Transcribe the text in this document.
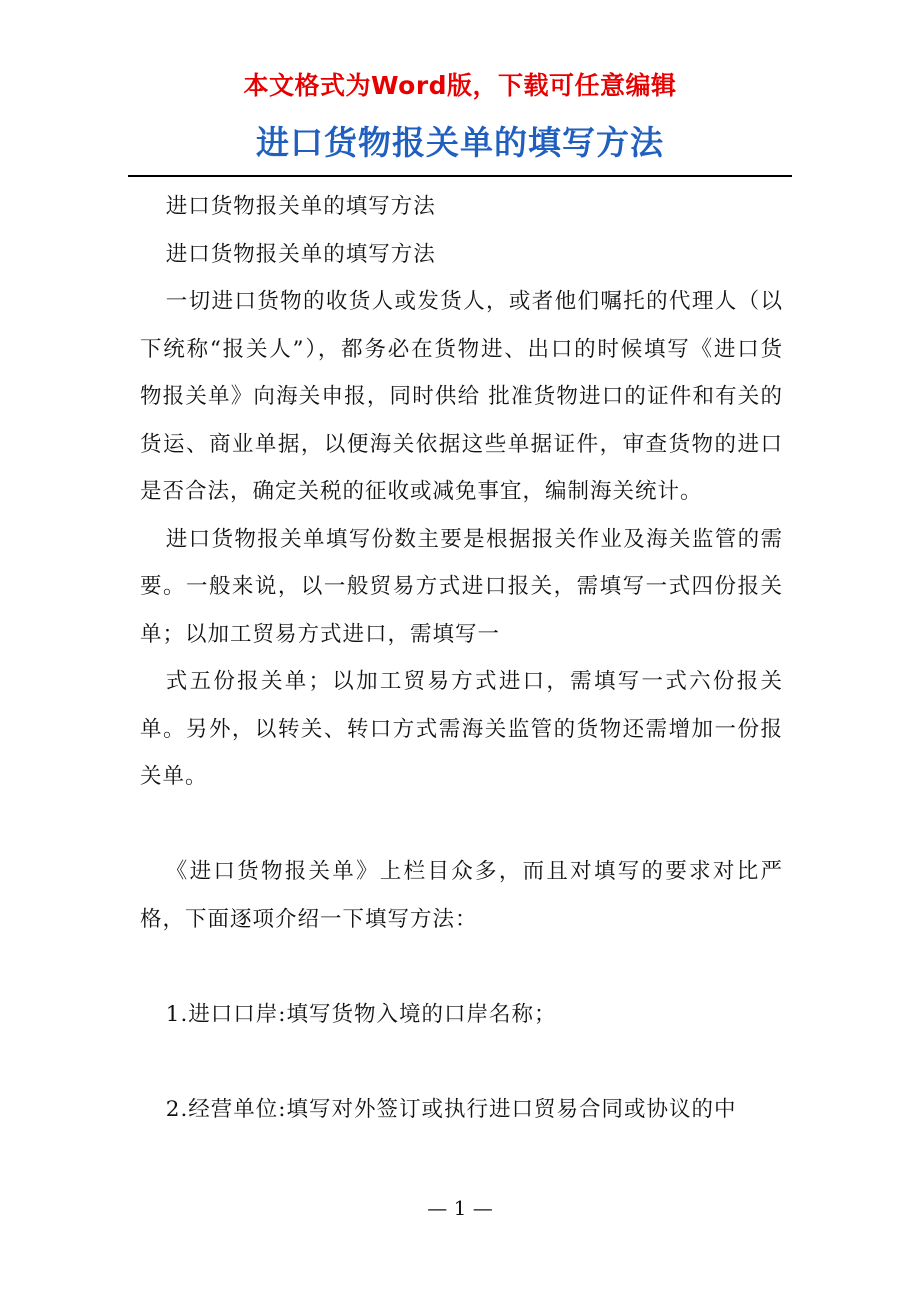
本文格式为Word版，下载可任意编辑
进口货物报关单的填写方法

进口货物报关单的填写方法

进口货物报关单的填写方法

一切进口货物的收货人或发货人，或者他们嘱托的代理人（以下统称“报关人”），都务必在货物进、出口的时候填写《进口货物报关单》向海关申报，同时供给 批准货物进口的证件和有关的货运、商业单据，以便海关依据这些单据证件，审查货物的进口是否合法，确定关税的征收或减免事宜，编制海关统计。

进口货物报关单填写份数主要是根据报关作业及海关监管的需要。一般来说，以一般贸易方式进口报关，需填写一式四份报关单；以加工贸易方式进口，需填写一

式五份报关单；以加工贸易方式进口，需填写一式六份报关单。另外，以转关、转口方式需海关监管的货物还需增加一份报关单。

《进口货物报关单》上栏目众多，而且对填写的要求对比严格，下面逐项介绍一下填写方法：

1.进口口岸:填写货物入境的口岸名称；

2.经营单位:填写对外签订或执行进口贸易合同或协议的中

— 1 —
